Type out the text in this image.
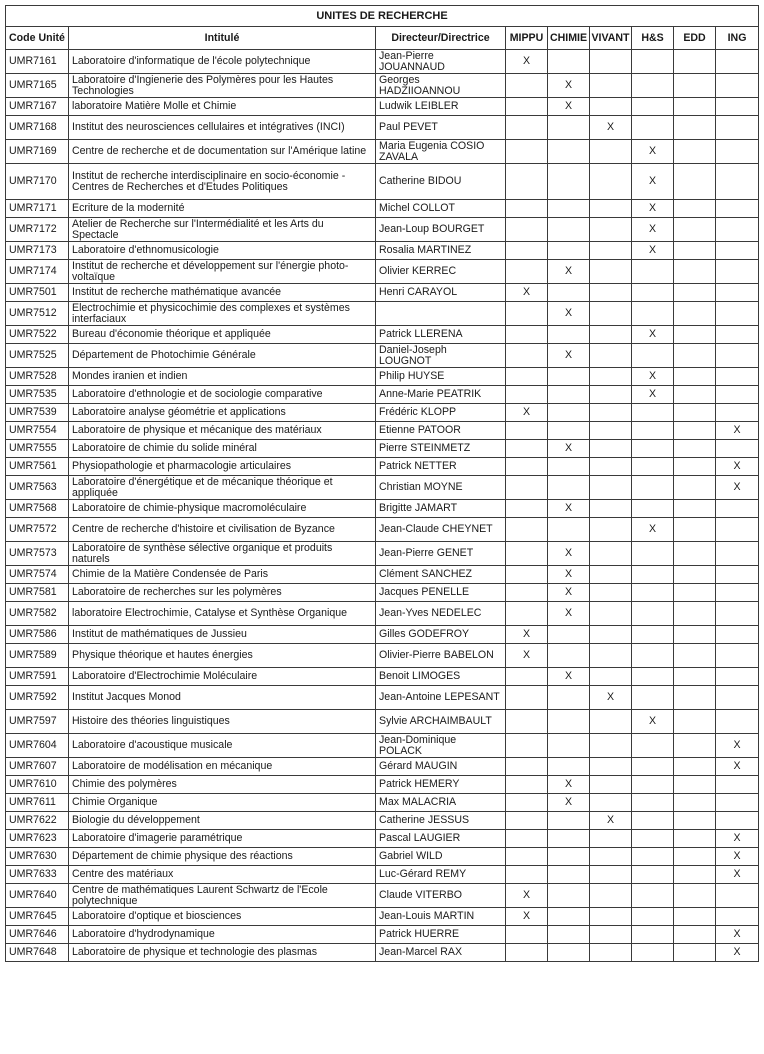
UNITES DE RECHERCHE								
Code Unité	Intitulé	Directeur/Directrice	MIPPU	CHIMIE	VIVANT	H&S	EDD	ING
UMR7161	Laboratoire d'informatique de l'école polytechnique	Jean-Pierre JOUANNAUD	X					
UMR7165	Laboratoire d'Ingienerie des Polymères pour les Hautes Technologies	Georges HADZIIOANNOU		X				
UMR7167	laboratoire Matière Molle et Chimie	Ludwik LEIBLER		X				
UMR7168	Institut des neurosciences cellulaires et intégratives (INCI)	Paul PEVET			X			
UMR7169	Centre de recherche et de documentation sur l'Amérique latine	Maria Eugenia COSIO ZAVALA				X		
UMR7170	Institut de recherche interdisciplinaire en socio-économie - Centres de Recherches et d'Etudes Politiques	Catherine BIDOU				X		
UMR7171	Ecriture de la modernité	Michel COLLOT				X		
UMR7172	Atelier de Recherche sur l'Intermédialité et les Arts du Spectacle	Jean-Loup BOURGET				X		
UMR7173	Laboratoire d'ethnomusicologie	Rosalia MARTINEZ				X		
UMR7174	Institut de recherche et développement sur l'énergie photo-voltaïque	Olivier KERREC		X				
UMR7501	Institut de recherche mathématique avancée	Henri CARAYOL	X					
UMR7512	Electrochimie et physicochimie des complexes et systèmes interfaciaux			X				
UMR7522	Bureau d'économie théorique et appliquée	Patrick LLERENA				X		
UMR7525	Département de Photochimie Générale	Daniel-Joseph LOUGNOT		X				
UMR7528	Mondes iranien et indien	Philip HUYSE				X		
UMR7535	Laboratoire d'ethnologie et de sociologie comparative	Anne-Marie PEATRIK				X		
UMR7539	Laboratoire analyse géométrie et applications	Frédéric KLOPP	X					
UMR7554	Laboratoire de physique et mécanique des matériaux	Etienne PATOOR						X
UMR7555	Laboratoire de chimie du solide minéral	Pierre STEINMETZ		X				
UMR7561	Physiopathologie et pharmacologie articulaires	Patrick NETTER						X
UMR7563	Laboratoire d'énergétique et de mécanique théorique et appliquée	Christian MOYNE						X
UMR7568	Laboratoire de chimie-physique macromoléculaire	Brigitte JAMART		X				
UMR7572	Centre de recherche d'histoire et civilisation de Byzance	Jean-Claude CHEYNET				X		
UMR7573	Laboratoire de synthèse sélective organique et produits naturels	Jean-Pierre GENET		X				
UMR7574	Chimie de la Matière Condensée de Paris	Clément SANCHEZ		X				
UMR7581	Laboratoire de recherches sur les polymères	Jacques PENELLE		X				
UMR7582	laboratoire Electrochimie, Catalyse et Synthèse Organique	Jean-Yves NEDELEC		X				
UMR7586	Institut de mathématiques de Jussieu	Gilles GODEFROY	X					
UMR7589	Physique théorique et hautes énergies	Olivier-Pierre BABELON	X					
UMR7591	Laboratoire d'Electrochimie Moléculaire	Benoit LIMOGES		X				
UMR7592	Institut Jacques Monod	Jean-Antoine LEPESANT			X			
UMR7597	Histoire des théories linguistiques	Sylvie ARCHAIMBAULT				X		
UMR7604	Laboratoire d'acoustique musicale	Jean-Dominique POLACK						X
UMR7607	Laboratoire de modélisation en mécanique	Gérard MAUGIN						X
UMR7610	Chimie des polymères	Patrick HEMERY		X				
UMR7611	Chimie Organique	Max MALACRIA		X				
UMR7622	Biologie du développement	Catherine JESSUS			X			
UMR7623	Laboratoire d'imagerie paramétrique	Pascal LAUGIER						X
UMR7630	Département de chimie physique des réactions	Gabriel WILD						X
UMR7633	Centre des matériaux	Luc-Gérard REMY						X
UMR7640	Centre de mathématiques Laurent Schwartz de l'Ecole polytechnique	Claude VITERBO	X					
UMR7645	Laboratoire d'optique et biosciences	Jean-Louis MARTIN	X					
UMR7646	Laboratoire d'hydrodynamique	Patrick HUERRE						X
UMR7648	Laboratoire de physique et technologie des plasmas	Jean-Marcel RAX						X
